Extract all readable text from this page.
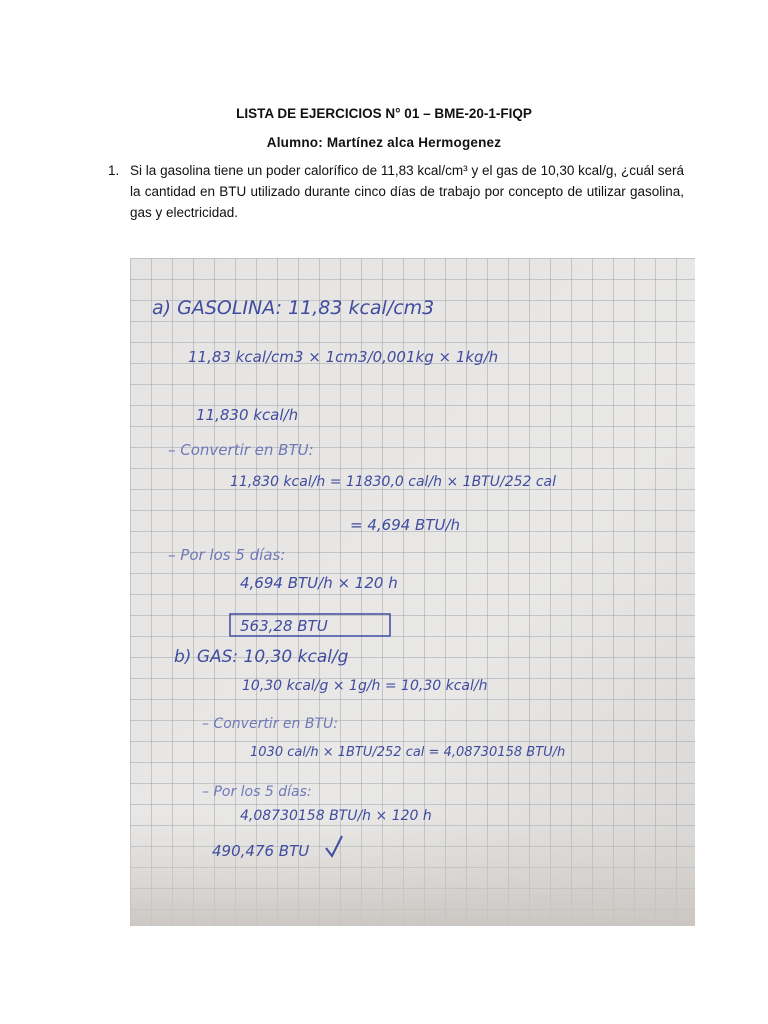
LISTA DE EJERCICIOS N° 01 – BME-20-1-FIQP
Alumno: Martínez alca Hermogenez
1. Si la gasolina tiene un poder calorífico de 11,83 kcal/cm³ y el gas de 10,30 kcal/g, ¿cuál será la cantidad en BTU utilizado durante cinco días de trabajo por concepto de utilizar gasolina, gas y electricidad.
a) GASOLINA: 11,83 kcal/cm3
11,83 kcal/cm3 × 1cm3/0,001kg × 1kg/h
11,830 kcal/h
– Convertir en BTU:
11,830 kcal/h = 11830,0 cal/h × 1BTU/252 cal
= 4,694 BTU/h
– Por los 5 días:
4,694 BTU/h × 120 h
563,28 BTU
b) GAS: 10,30 kcal/g
10,30 kcal/g × 1g/h = 10,30 kcal/h
– Convertir en BTU:
1030 cal/h × 1BTU/252 cal = 4,08730158 BTU/h
– Por los 5 días:
4,08730158 BTU/h × 120 h
490,476 BTU
